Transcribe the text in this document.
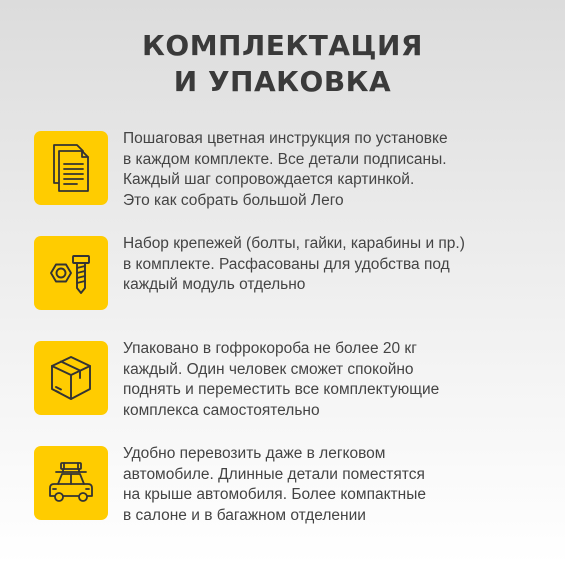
КОМПЛЕКТАЦИЯ
И УПАКОВКА
Пошаговая цветная инструкция по установке
в каждом комплекте. Все детали подписаны.
Каждый шаг сопровождается картинкой.
Это как собрать большой Лего
Набор крепежей (болты, гайки, карабины и пр.)
в комплекте. Расфасованы для удобства под
каждый модуль отдельно
Упаковано в гофрокороба не более 20 кг
каждый. Один человек сможет спокойно
поднять и переместить все комплектующие
комплекса самостоятельно
Удобно перевозить даже в легковом
автомобиле. Длинные детали поместятся
на крыше автомобиля. Более компактные
в салоне и в багажном отделении
